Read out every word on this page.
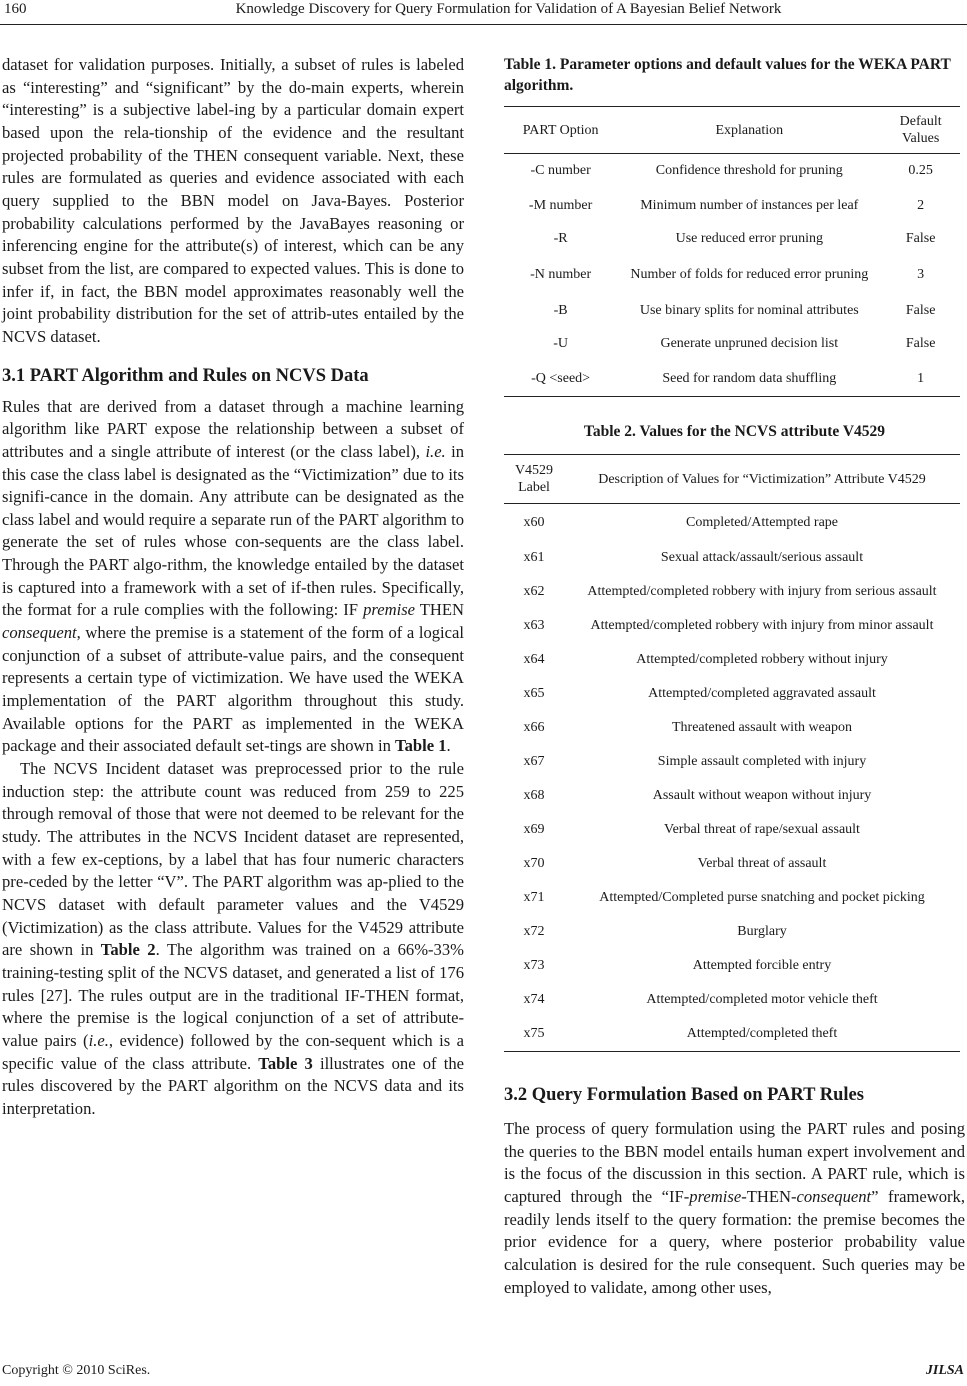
160	Knowledge Discovery for Query Formulation for Validation of A Bayesian Belief Network

dataset for validation purposes. Initially, a subset of rules is labeled as “interesting” and “significant” by the do-main experts, wherein “interesting” is a subjective label-ing by a particular domain expert based upon the rela-tionship of the evidence and the resultant projected probability of the THEN consequent variable. Next, these rules are formulated as queries and evidence associated with each query supplied to the BBN model on Java-Bayes. Posterior probability calculations performed by the JavaBayes reasoning or inferencing engine for the attribute(s) of interest, which can be any subset from the list, are compared to expected values. This is done to infer if, in fact, the BBN model approximates reasonably well the joint probability distribution for the set of attrib-utes entailed by the NCVS dataset.

3.1 PART Algorithm and Rules on NCVS Data

Rules that are derived from a dataset through a machine learning algorithm like PART expose the relationship between a subset of attributes and a single attribute of interest (or the class label), i.e. in this case the class label is designated as the “Victimization” due to its signifi-cance in the domain. Any attribute can be designated as the class label and would require a separate run of the PART algorithm to generate the set of rules whose con-sequents are the class label. Through the PART algo-rithm, the knowledge entailed by the dataset is captured into a framework with a set of if-then rules. Specifically, the format for a rule complies with the following: IF premise THEN consequent, where the premise is a statement of the form of a logical conjunction of a subset of attribute-value pairs, and the consequent represents a certain type of victimization. We have used the WEKA implementation of the PART algorithm throughout this study. Available options for the PART as implemented in the WEKA package and their associated default set-tings are shown in Table 1.

The NCVS Incident dataset was preprocessed prior to the rule induction step: the attribute count was reduced from 259 to 225 through removal of those that were not deemed to be relevant for the study. The attributes in the NCVS Incident dataset are represented, with a few ex-ceptions, by a label that has four numeric characters pre-ceded by the letter “V”. The PART algorithm was ap-plied to the NCVS dataset with default parameter values and the V4529 (Victimization) as the class attribute. Values for the V4529 attribute are shown in Table 2. The algorithm was trained on a 66%-33% training-testing split of the NCVS dataset, and generated a list of 176 rules [27]. The rules output are in the traditional IF-THEN format, where the premise is the logical conjunction of a set of attribute-value pairs (i.e., evidence) followed by the con-sequent which is a specific value of the class attribute. Table 3 illustrates one of the rules discovered by the PART algorithm on the NCVS data and its interpretation.

Table 1. Parameter options and default values for the WEKA PART algorithm.

PART Option	Explanation	Default Values
-C number	Confidence threshold for pruning	0.25
-M number	Minimum number of instances per leaf	2
-R	Use reduced error pruning	False
-N number	Number of folds for reduced error pruning	3
-B	Use binary splits for nominal attributes	False
-U	Generate unpruned decision list	False
-Q <seed>	Seed for random data shuffling	1

Table 2. Values for the NCVS attribute V4529

V4529 Label	Description of Values for “Victimization” Attribute V4529
x60	Completed/Attempted rape
x61	Sexual attack/assault/serious assault
x62	Attempted/completed robbery with injury from serious assault
x63	Attempted/completed robbery with injury from minor assault
x64	Attempted/completed robbery without injury
x65	Attempted/completed aggravated assault
x66	Threatened assault with weapon
x67	Simple assault completed with injury
x68	Assault without weapon without injury
x69	Verbal threat of rape/sexual assault
x70	Verbal threat of assault
x71	Attempted/Completed purse snatching and pocket picking
x72	Burglary
x73	Attempted forcible entry
x74	Attempted/completed motor vehicle theft
x75	Attempted/completed theft
3.2 Query Formulation Based on PART Rules

The process of query formulation using the PART rules and posing the queries to the BBN model entails human expert involvement and is the focus of the discussion in this section. A PART rule, which is captured through the “IF-premise-THEN-consequent” framework, readily lends itself to the query formation: the premise becomes the prior evidence for a query, where posterior probability value calculation is desired for the rule consequent. Such queries may be employed to validate, among other uses,

Copyright © 2010 SciRes.	JILSA
